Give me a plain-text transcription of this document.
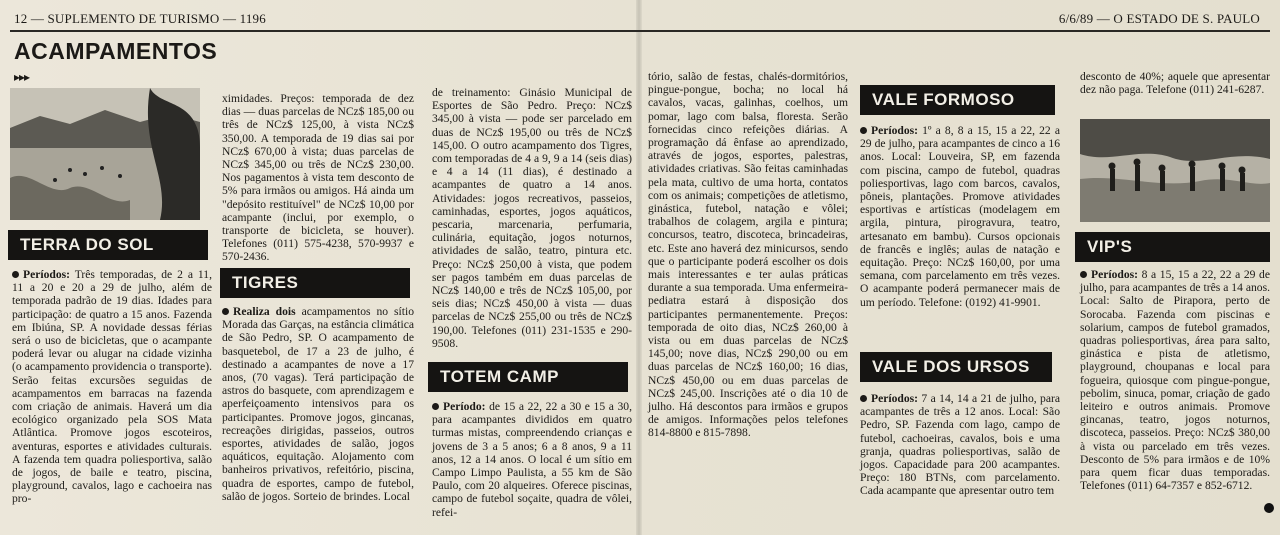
12 — SUPLEMENTO DE TURISMO — 1196	6/6/89 — O ESTADO DE S. PAULO
ACAMPAMENTOS
▸▸▸
TERRA DO SOL
TIGRES
TOTEM CAMP
VALE FORMOSO
VALE DOS URSOS
VIP'S

Períodos: Três temporadas, de 2 a 11, 11 a 20 e 20 a 29 de julho, além de temporada padrão de 19 dias. Idades para participação: de quatro a 15 anos. Fazenda em Ibiúna, SP. A novidade dessas férias será o uso de bicicletas, que o acampante poderá levar ou alugar na cidade vizinha (o acampamento providencia o transporte). Serão feitas excursões seguidas de acampamentos em barracas na fazenda com criação de animais. Haverá um dia ecológico organizado pela SOS Mata Atlântica. Promove jogos escoteiros, aventuras, esportes e atividades culturais. A fazenda tem quadra poliesportiva, salão de jogos, de baile e teatro, piscina, playground, cavalos, lago e cachoeira nas pro-

ximidades. Preços: temporada de dez dias — duas parcelas de NCz$ 185,00 ou três de NCz$ 125,00, à vista NCz$ 350,00. A temporada de 19 dias sai por NCz$ 670,00 à vista; duas parcelas de NCz$ 345,00 ou três de NCz$ 230,00. Nos pagamentos à vista tem desconto de 5% para irmãos ou amigos. Há ainda um "depósito restituível" de NCz$ 10,00 por acampante (inclui, por exemplo, o transporte de bicicleta, se houver). Telefones (011) 575-4238, 570-9937 e 570-2436.

Realiza dois acampamentos no sítio Morada das Garças, na estância climática de São Pedro, SP. O acampamento de basquetebol, de 17 a 23 de julho, é destinado a acampantes de nove a 17 anos, (70 vagas). Terá participação de astros do basquete, com aprendizagem e aperfeiçoamento intensivos para os participantes. Promove jogos, gincanas, recreações dirigidas, passeios, outros esportes, atividades de salão, jogos aquáticos, equitação. Alojamento com banheiros privativos, refeitório, piscina, quadra de esportes, campo de futebol, salão de jogos. Sorteio de brindes. Local

de treinamento: Ginásio Municipal de Esportes de São Pedro. Preço: NCz$ 345,00 à vista — pode ser parcelado em duas de NCz$ 195,00 ou três de NCz$ 145,00. O outro acampamento dos Tigres, com temporadas de 4 a 9, 9 a 14 (seis dias) e 4 a 14 (11 dias), é destinado a acampantes de quatro a 14 anos. Atividades: jogos recreativos, passeios, caminhadas, esportes, jogos aquáticos, pescaria, marcenaria, perfumaria, culinária, equitação, jogos noturnos, atividades de salão, teatro, pintura etc. Preço: NCz$ 250,00 à vista, que podem ser pagos também em duas parcelas de NCz$ 140,00 e três de NCz$ 105,00, por seis dias; NCz$ 450,00 à vista — duas parcelas de NCz$ 255,00 ou três de NCz$ 190,00. Telefones (011) 231-1535 e 290-9508.

Período: de 15 a 22, 22 a 30 e 15 a 30, para acampantes divididos em quatro turmas mistas, compreendendo crianças e jovens de 3 a 5 anos; 6 a 8 anos, 9 a 11 anos, 12 a 14 anos. O local é um sítio em Campo Limpo Paulista, a 55 km de São Paulo, com 20 alqueires. Oferece piscinas, campo de futebol soçaite, quadra de vôlei, refei-

tório, salão de festas, chalés-dormitórios, pingue-pongue, bocha; no local há cavalos, vacas, galinhas, coelhos, um pomar, lago com balsa, floresta. Serão fornecidas cinco refeições diárias. A programação dá ênfase ao aprendizado, através de jogos, esportes, palestras, atividades criativas. São feitas caminhadas pela mata, cultivo de uma horta, contatos com os animais; competições de atletismo, ginástica, futebol, natação e vôlei; trabalhos de colagem, argila e pintura; concursos, teatro, discoteca, brincadeiras, etc. Este ano haverá dez minicursos, sendo que o participante poderá escolher os dois mais interessantes e ter aulas práticas durante a sua temporada. Uma enfermeira-pediatra estará à disposição dos participantes permanentemente. Preços: temporada de oito dias, NCz$ 260,00 à vista ou em duas parcelas de NCz$ 145,00; nove dias, NCz$ 290,00 ou em duas parcelas de NCz$ 160,00; 16 dias, NCz$ 450,00 ou em duas parcelas de NCz$ 245,00. Inscrições até o dia 10 de julho. Há descontos para irmãos e grupos de amigos. Informações pelos telefones 814-8800 e 815-7898.

Períodos: 1º a 8, 8 a 15, 15 a 22, 22 a 29 de julho, para acampantes de cinco a 16 anos. Local: Louveira, SP, em fazenda com piscina, campo de futebol, quadras poliesportivas, lago com barcos, cavalos, pôneis, plantações. Promove atividades esportivas e artísticas (modelagem em argila, pintura, pirogravura, teatro, artesanato em bambu). Cursos opcionais de francês e inglês; aulas de natação e equitação. Preço: NCz$ 160,00, por uma semana, com parcelamento em três vezes. O acampante poderá permanecer mais de um período. Telefone: (0192) 41-9901.

Períodos: 7 a 14, 14 a 21 de julho, para acampantes de três a 12 anos. Local: São Pedro, SP. Fazenda com lago, campo de futebol, cachoeiras, cavalos, bois e uma granja, quadras poliesportivas, salão de jogos. Capacidade para 200 acampantes. Preço: 180 BTNs, com parcelamento. Cada acampante que apresentar outro tem

desconto de 40%; aquele que apresentar dez não paga. Telefone (011) 241-6287.

Períodos: 8 a 15, 15 a 22, 22 a 29 de julho, para acampantes de três a 14 anos. Local: Salto de Pirapora, perto de Sorocaba. Fazenda com piscinas e solarium, campos de futebol gramados, quadras poliesportivas, área para salto, ginástica e pista de atletismo, playground, choupanas e local para fogueira, quiosque com pingue-pongue, pebolim, sinuca, pomar, criação de gado leiteiro e outros animais. Promove gincanas, teatro, jogos noturnos, discoteca, passeios. Preço: NCz$ 380,00 à vista ou parcelado em três vezes. Desconto de 5% para irmãos e de 10% para quem ficar duas temporadas. Telefones (011) 64-7357 e 852-6712.
